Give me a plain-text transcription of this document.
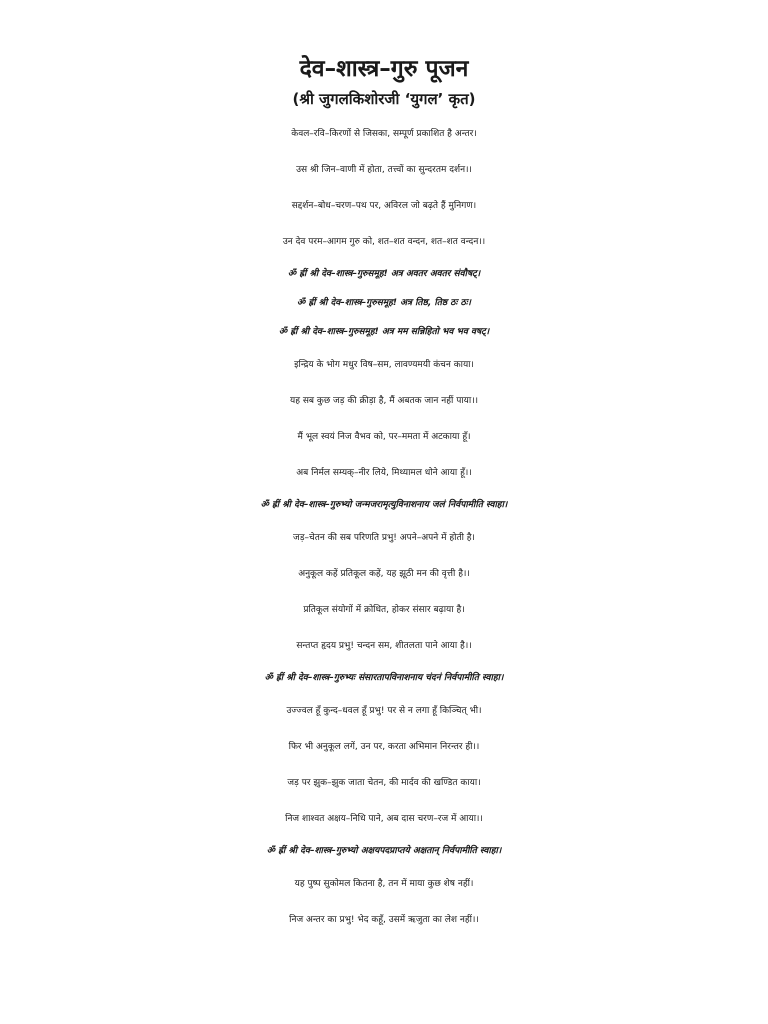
देव–शास्त्र–गुरु पूजन

(श्री जुगलकिशोरजी ‘युगल’ कृत)

केवल–रवि–किरणों से जिसका, सम्पूर्ण प्रकाशित है अन्तर।

उस श्री जिन–वाणी में होता, तत्त्वों का सुन्दरतम दर्शन।।

सद्दर्शन–बोध–चरण–पथ पर, अविरल जो बढ़ते हैं मुनिगण।

उन देव परम–आगम गुरु को, शत–शत वन्दन, शत–शत वन्दन।।

ॐ ह्रीं श्री देव–शास्त्र–गुरुसमूह! अत्र अवतर अवतर संवौषट्।

ॐ ह्रीं श्री देव–शास्त्र–गुरुसमूह! अत्र तिष्ठ, तिष्ठ ठः ठः।

ॐ ह्रीं श्री देव–शास्त्र–गुरुसमूह! अत्र मम सन्निहितो भव भव वषट्।

इन्द्रिय के भोग मधुर विष–सम, लावण्यमयी कंचन काया।

यह सब कुछ जड़ की क्रीड़ा है, मैं अबतक जान नहीं पाया।।

मैं भूल स्वयं निज वैभव को, पर–ममता में अटकाया हूँ।

अब निर्मल सम्यक्–नीर लिये, मिथ्यामल धोने आया हूँ।।

ॐ ह्रीं श्री देव–शास्त्र–गुरुभ्यो जन्मजरामृत्युविनाशनाय जलं निर्वपामीति स्वाहा।

जड़–चेतन की सब परिणति प्रभु! अपने–अपने में होती है।

अनुकूल कहें प्रतिकूल कहें, यह झूठी मन की वृत्ती है।।

प्रतिकूल संयोगों में क्रोधित, होकर संसार बढ़ाया है।

सन्तप्त हृदय प्रभु! चन्दन सम, शीतलता पाने आया है।।

ॐ ह्रीं श्री देव–शास्त्र–गुरुभ्यः संसारतापविनाशनाय चंदनं निर्वपामीति स्वाहा।

उज्ज्वल हूँ कुन्द–धवल हूँ प्रभु! पर से न लगा हूँ किञ्चित् भी।

फिर भी अनुकूल लगें, उन पर, करता अभिमान निरन्तर ही।।

जड़ पर झुक–झुक जाता चेतन, की मार्दव की खण्डित काया।

निज शाश्वत अक्षय–निधि पाने, अब दास चरण–रज में आया।।

ॐ ह्रीं श्री देव–शास्त्र–गुरुभ्यो अक्षयपदप्राप्तये अक्षतान् निर्वपामीति स्वाहा।

यह पुष्प सुकोमल कितना है, तन में माया कुछ शेष नहीं।

निज अन्तर का प्रभु! भेद कहूँ, उसमें ऋजुता का लेश नहीं।।
